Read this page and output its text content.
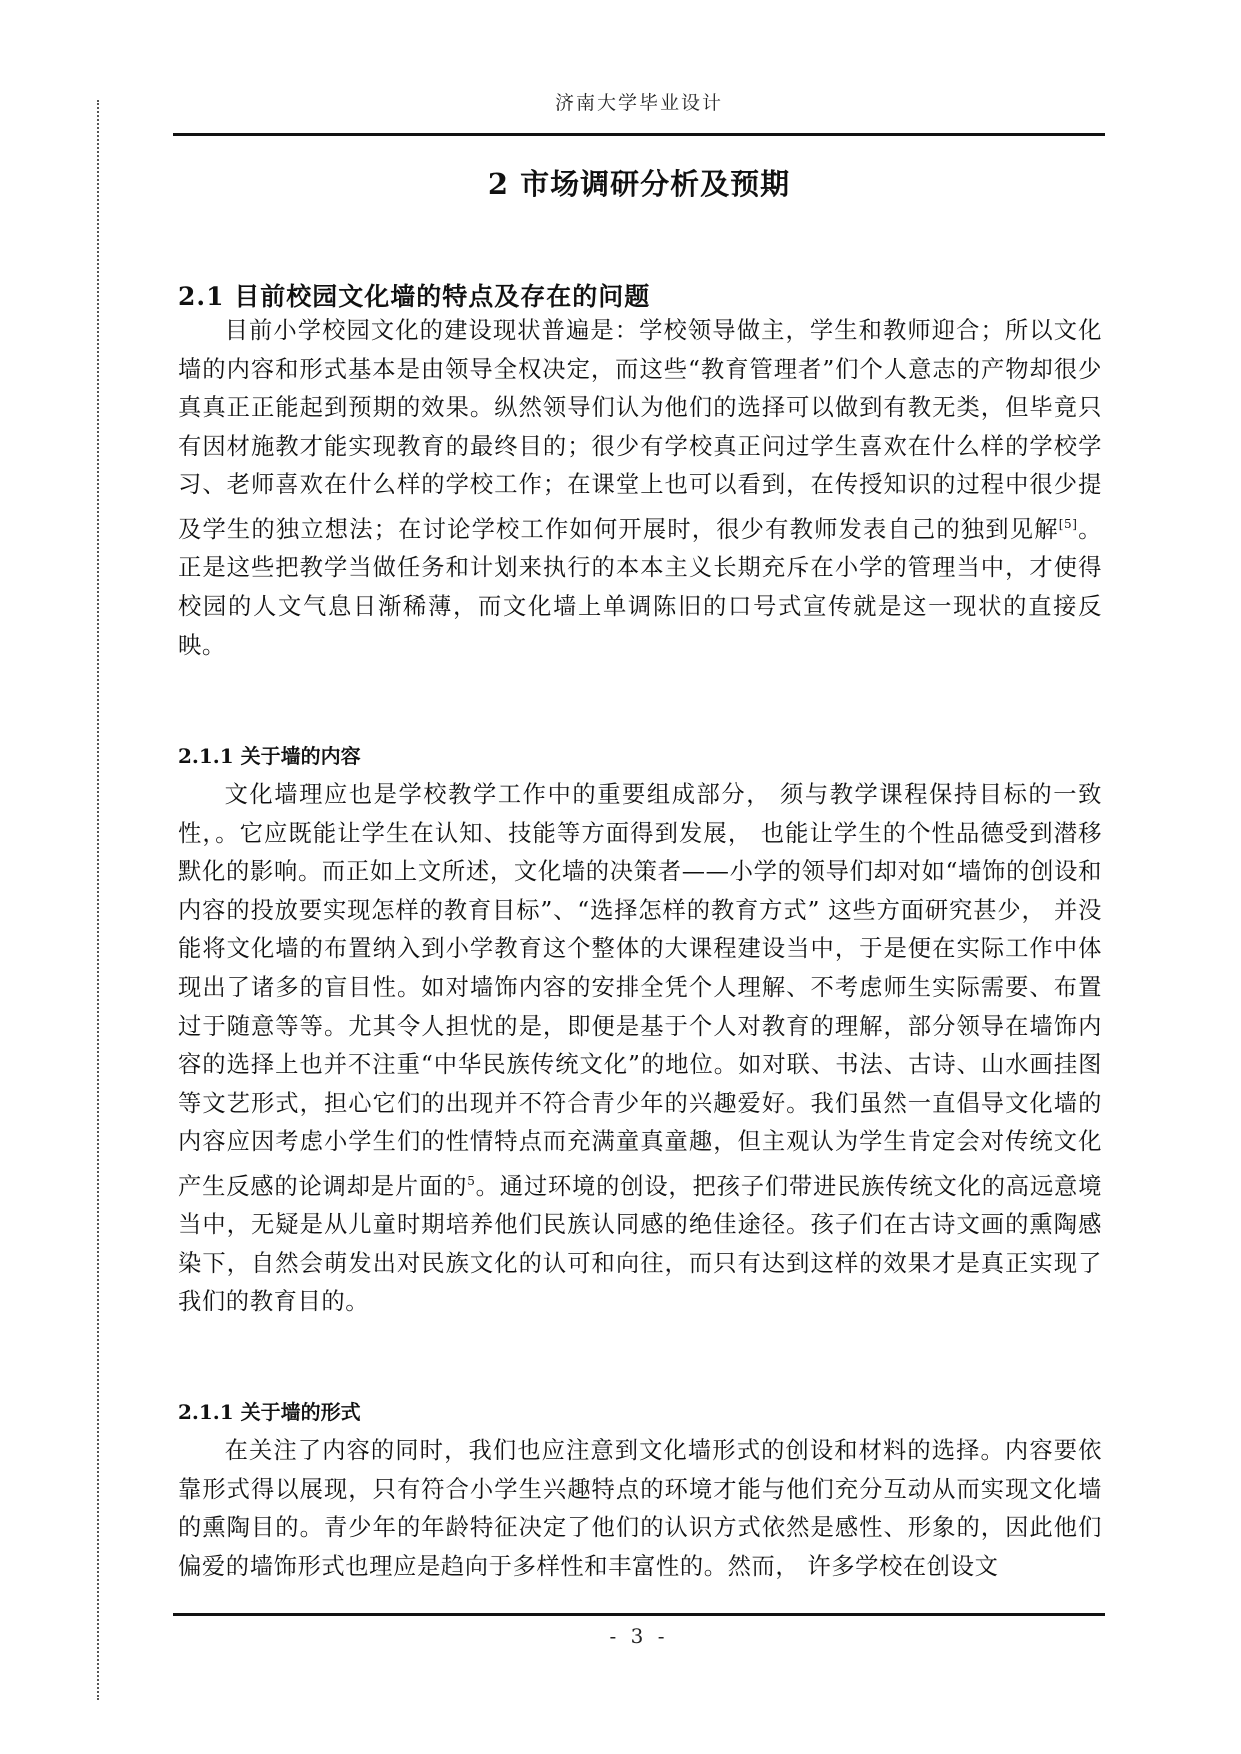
济南大学毕业设计
2 市场调研分析及预期
2.1 目前校园文化墙的特点及存在的问题

目前小学校园文化的建设现状普遍是：学校领导做主，学生和教师迎合；所以文化墙的内容和形式基本是由领导全权决定，而这些“教育管理者”们个人意志的产物却很少真真正正能起到预期的效果。纵然领导们认为他们的选择可以做到有教无类，但毕竟只有因材施教才能实现教育的最终目的；很少有学校真正问过学生喜欢在什么样的学校学习、老师喜欢在什么样的学校工作；在课堂上也可以看到，在传授知识的过程中很少提及学生的独立想法；在讨论学校工作如何开展时，很少有教师发表自己的独到见解[5]。正是这些把教学当做任务和计划来执行的本本主义长期充斥在小学的管理当中，才使得校园的人文气息日渐稀薄，而文化墙上单调陈旧的口号式宣传就是这一现状的直接反映。

2.1.1 关于墙的内容

文化墙理应也是学校教学工作中的重要组成部分， 须与教学课程保持目标的一致性，。它应既能让学生在认知、技能等方面得到发展， 也能让学生的个性品德受到潜移默化的影响。而正如上文所述，文化墙的决策者——小学的领导们却对如“墙饰的创设和内容的投放要实现怎样的教育目标”、“选择怎样的教育方式” 这些方面研究甚少， 并没能将文化墙的布置纳入到小学教育这个整体的大课程建设当中，于是便在实际工作中体现出了诸多的盲目性。如对墙饰内容的安排全凭个人理解、不考虑师生实际需要、布置过于随意等等。尤其令人担忧的是，即便是基于个人对教育的理解，部分领导在墙饰内容的选择上也并不注重“中华民族传统文化”的地位。如对联、书法、古诗、山水画挂图等文艺形式，担心它们的出现并不符合青少年的兴趣爱好。我们虽然一直倡导文化墙的内容应因考虑小学生们的性情特点而充满童真童趣，但主观认为学生肯定会对传统文化产生反感的论调却是片面的$^5$。通过环境的创设，把孩子们带进民族传统文化的高远意境当中，无疑是从儿童时期培养他们民族认同感的绝佳途径。孩子们在古诗文画的熏陶感染下，自然会萌发出对民族文化的认可和向往，而只有达到这样的效果才是真正实现了我们的教育目的。

2.1.1 关于墙的形式

在关注了内容的同时，我们也应注意到文化墙形式的创设和材料的选择。内容要依靠形式得以展现，只有符合小学生兴趣特点的环境才能与他们充分互动从而实现文化墙的熏陶目的。青少年的年龄特征决定了他们的认识方式依然是感性、形象的，因此他们偏爱的墙饰形式也理应是趋向于多样性和丰富性的。然而， 许多学校在创设文

- 3 -
